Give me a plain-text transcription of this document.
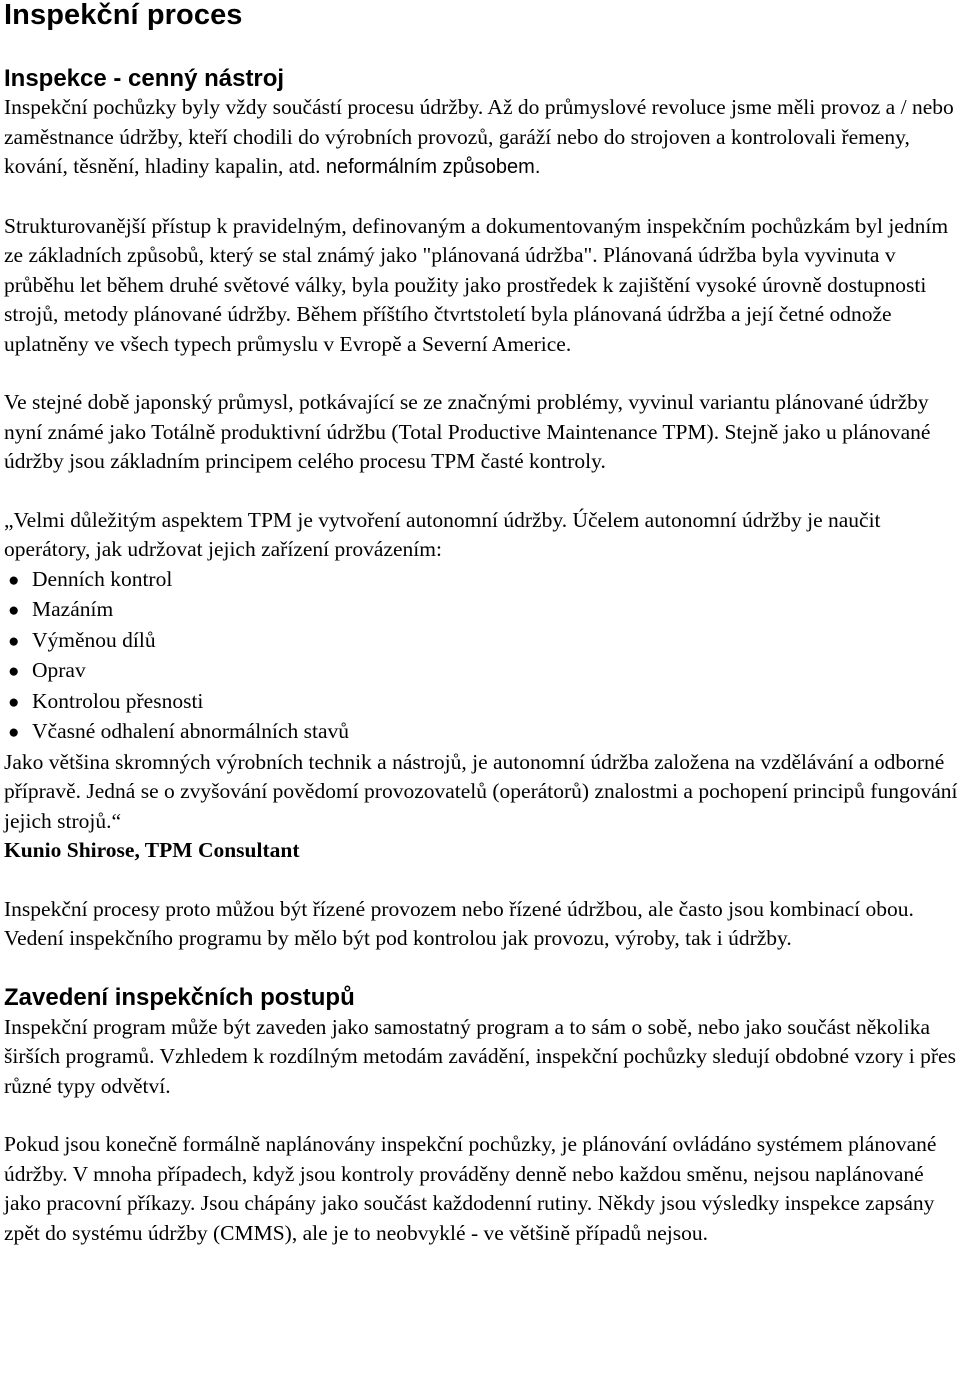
Inspekční proces
Inspekce - cenný nástroj

Inspekční pochůzky byly vždy součástí procesu údržby. Až do průmyslové revoluce jsme měli provoz a / nebo zaměstnance údržby, kteří chodili do výrobních provozů, garáží nebo do strojoven a kontrolovali řemeny, kování, těsnění, hladiny kapalin, atd. neformálním způsobem.

Strukturovanější přístup k pravidelným, definovaným a dokumentovaným inspekčním pochůzkám byl jedním ze základních způsobů, který se stal známý jako "plánovaná údržba". Plánovaná údržba byla vyvinuta v průběhu let během druhé světové války, byla použity jako prostředek k zajištění vysoké úrovně dostupnosti strojů, metody plánované údržby. Během příštího čtvrtstoletí byla plánovaná údržba a její četné odnože uplatněny ve všech typech průmyslu v Evropě a Severní Americe.

Ve stejné době japonský průmysl, potkávající se ze značnými problémy, vyvinul variantu plánované údržby nyní známé jako Totálně produktivní údržbu (Total Productive Maintenance TPM). Stejně jako u plánované údržby jsou základním principem celého procesu TPM časté kontroly.

„Velmi důležitým aspektem TPM je vytvoření autonomní údržby. Účelem autonomní údržby je naučit operátory, jak udržovat jejich zařízení provázením:

● Denních kontrol
● Mazáním
● Výměnou dílů
● Oprav
● Kontrolou přesnosti
● Včasné odhalení abnormálních stavů

Jako většina skromných výrobních technik a nástrojů, je autonomní údržba založena na vzdělávání a odborné přípravě. Jedná se o zvyšování povědomí provozovatelů (operátorů) znalostmi a pochopení principů fungování jejich strojů.“

Kunio Shirose, TPM Consultant

Inspekční procesy proto můžou být řízené provozem nebo řízené údržbou, ale často jsou kombinací obou. Vedení inspekčního programu by mělo být pod kontrolou jak provozu, výroby, tak i údržby.

Zavedení inspekčních postupů

Inspekční program může být zaveden jako samostatný program a to sám o sobě, nebo jako součást několika širších programů. Vzhledem k rozdílným metodám zavádění, inspekční pochůzky sledují obdobné vzory i přes různé typy odvětví.

Pokud jsou konečně formálně naplánovány inspekční pochůzky, je plánování ovládáno systémem plánované údržby. V mnoha případech, když jsou kontroly prováděny denně nebo každou směnu, nejsou naplánované jako pracovní příkazy. Jsou chápány jako součást každodenní rutiny. Někdy jsou výsledky inspekce zapsány zpět do systému údržby (CMMS), ale je to neobvyklé - ve většině případů nejsou.
